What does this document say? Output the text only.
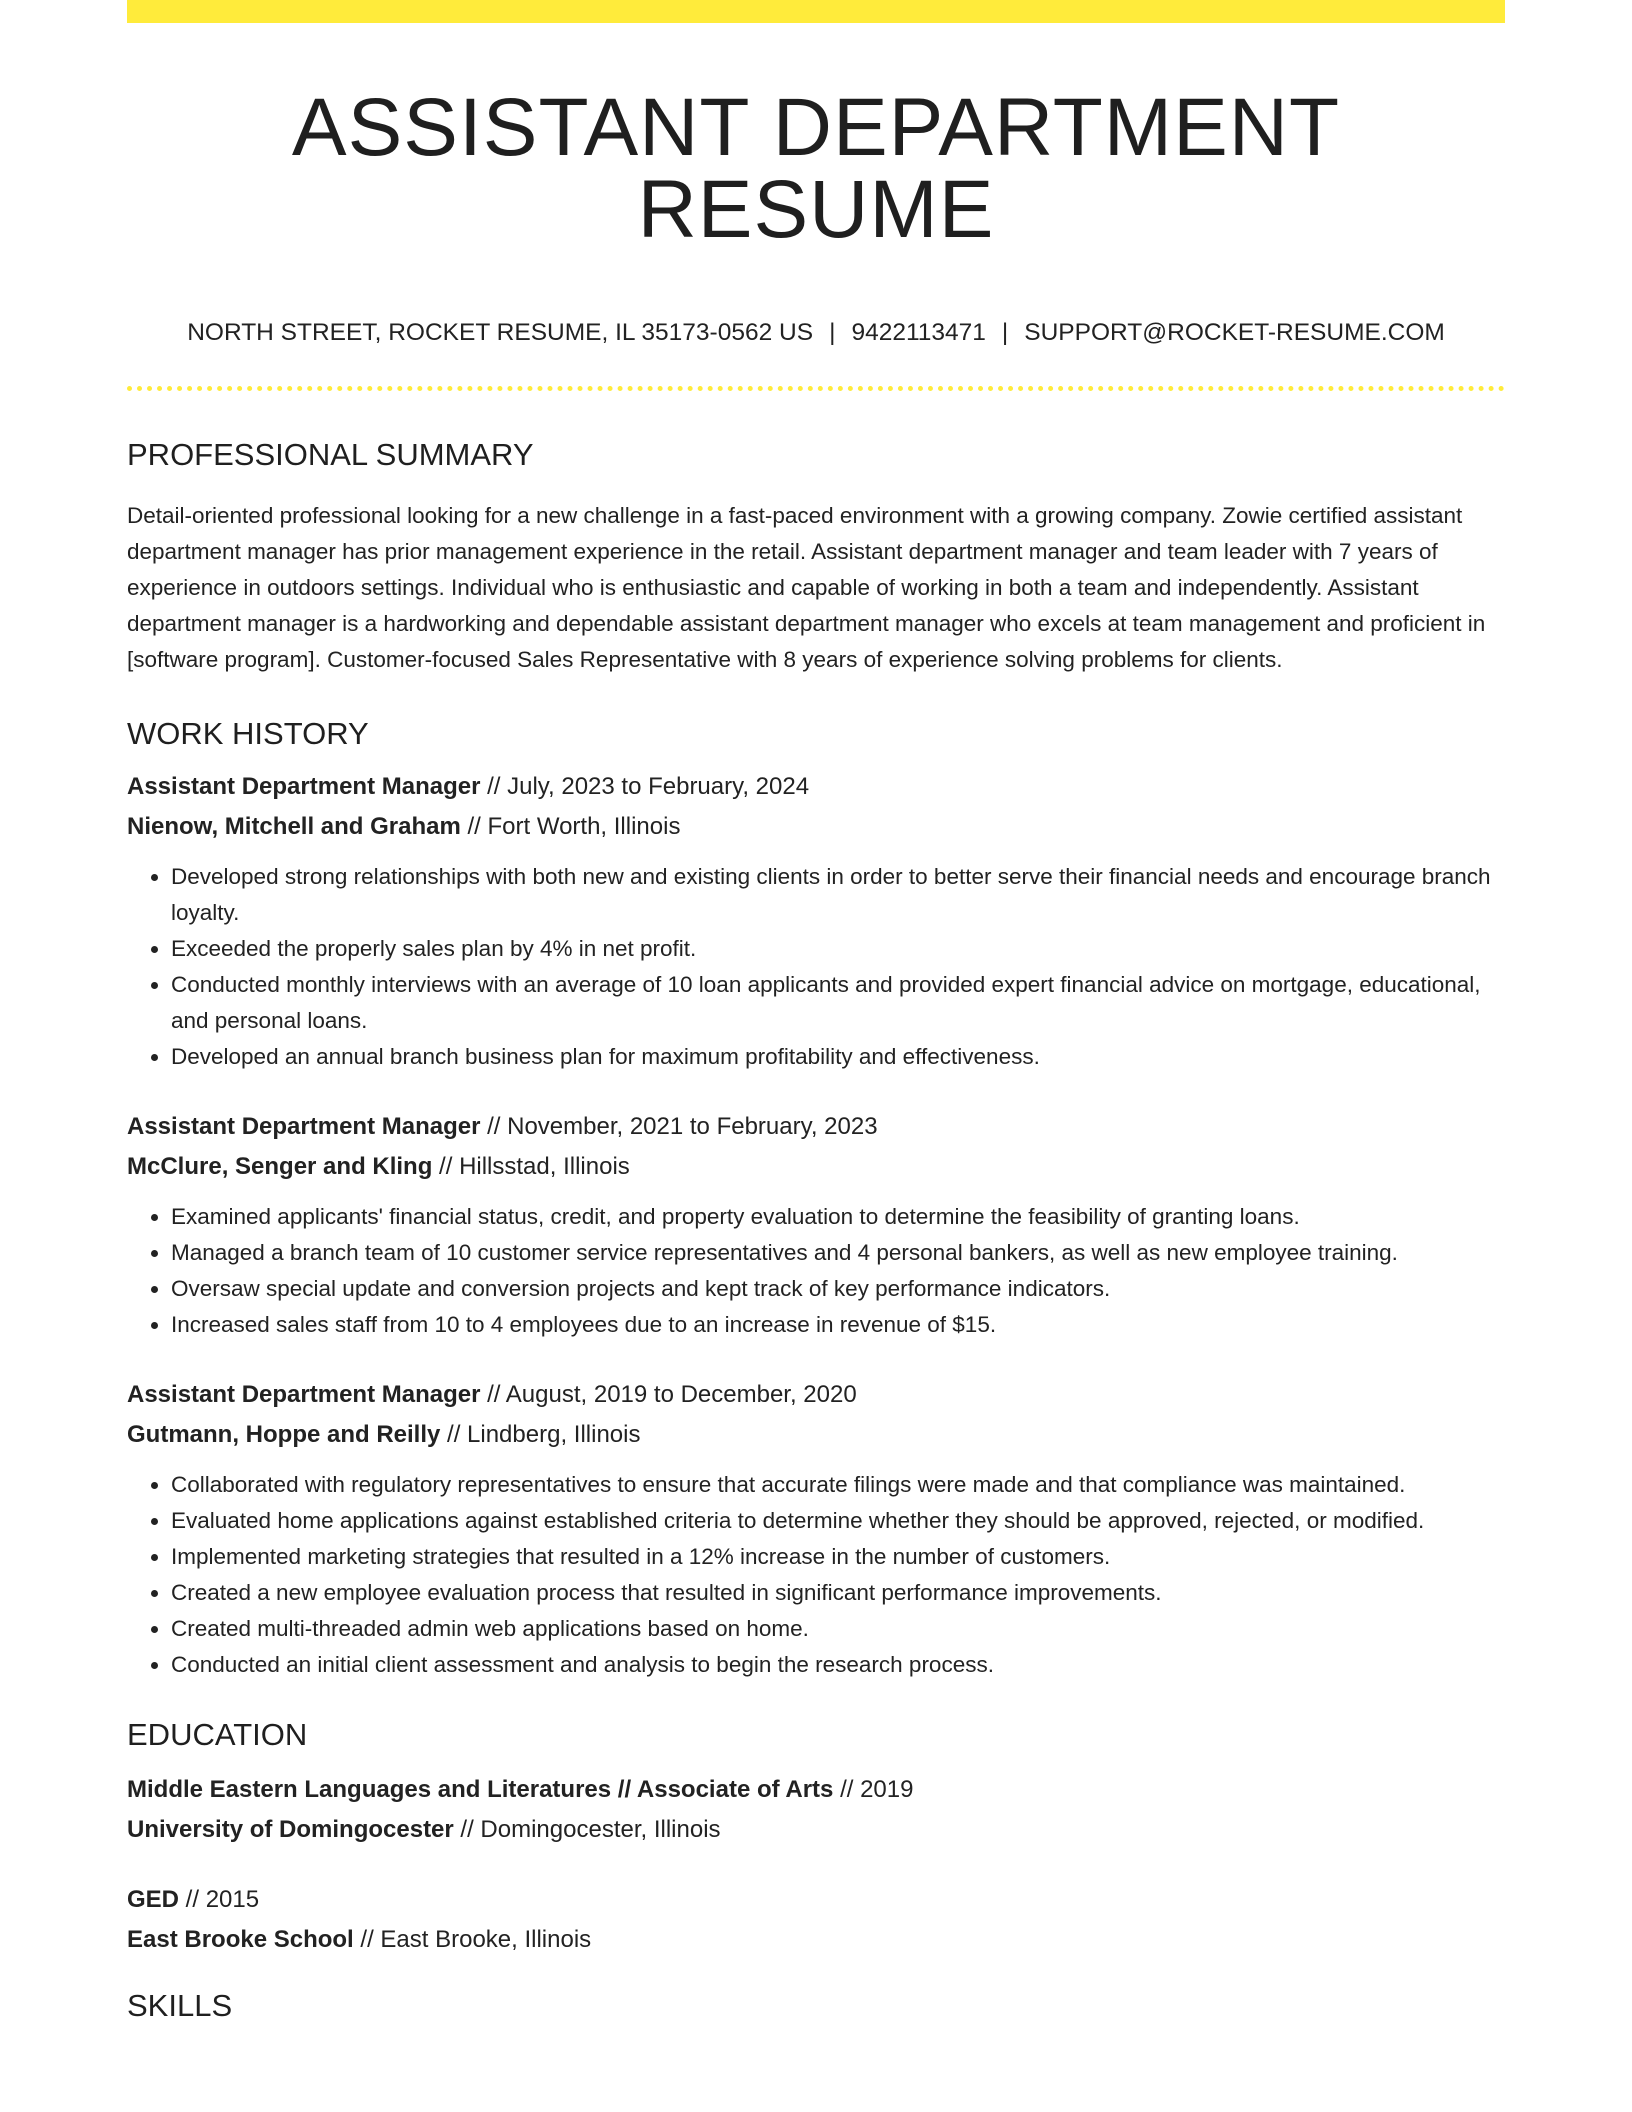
ASSISTANT DEPARTMENT RESUME
NORTH STREET, ROCKET RESUME, IL 35173-0562 US | 9422113471 | SUPPORT@ROCKET-RESUME.COM
PROFESSIONAL SUMMARY
Detail-oriented professional looking for a new challenge in a fast-paced environment with a growing company. Zowie certified assistant department manager has prior management experience in the retail. Assistant department manager and team leader with 7 years of experience in outdoors settings. Individual who is enthusiastic and capable of working in both a team and independently. Assistant department manager is a hardworking and dependable assistant department manager who excels at team management and proficient in [software program]. Customer-focused Sales Representative with 8 years of experience solving problems for clients.
WORK HISTORY
Assistant Department Manager // July, 2023 to February, 2024
Nienow, Mitchell and Graham // Fort Worth, Illinois
• Developed strong relationships with both new and existing clients in order to better serve their financial needs and encourage branch loyalty.
• Exceeded the properly sales plan by 4% in net profit.
• Conducted monthly interviews with an average of 10 loan applicants and provided expert financial advice on mortgage, educational, and personal loans.
• Developed an annual branch business plan for maximum profitability and effectiveness.
Assistant Department Manager // November, 2021 to February, 2023
McClure, Senger and Kling // Hillsstad, Illinois
• Examined applicants' financial status, credit, and property evaluation to determine the feasibility of granting loans.
• Managed a branch team of 10 customer service representatives and 4 personal bankers, as well as new employee training.
• Oversaw special update and conversion projects and kept track of key performance indicators.
• Increased sales staff from 10 to 4 employees due to an increase in revenue of $15.
Assistant Department Manager // August, 2019 to December, 2020
Gutmann, Hoppe and Reilly // Lindberg, Illinois
• Collaborated with regulatory representatives to ensure that accurate filings were made and that compliance was maintained.
• Evaluated home applications against established criteria to determine whether they should be approved, rejected, or modified.
• Implemented marketing strategies that resulted in a 12% increase in the number of customers.
• Created a new employee evaluation process that resulted in significant performance improvements.
• Created multi-threaded admin web applications based on home.
• Conducted an initial client assessment and analysis to begin the research process.
EDUCATION
Middle Eastern Languages and Literatures // Associate of Arts // 2019
University of Domingocester // Domingocester, Illinois
GED // 2015
East Brooke School // East Brooke, Illinois
SKILLS
